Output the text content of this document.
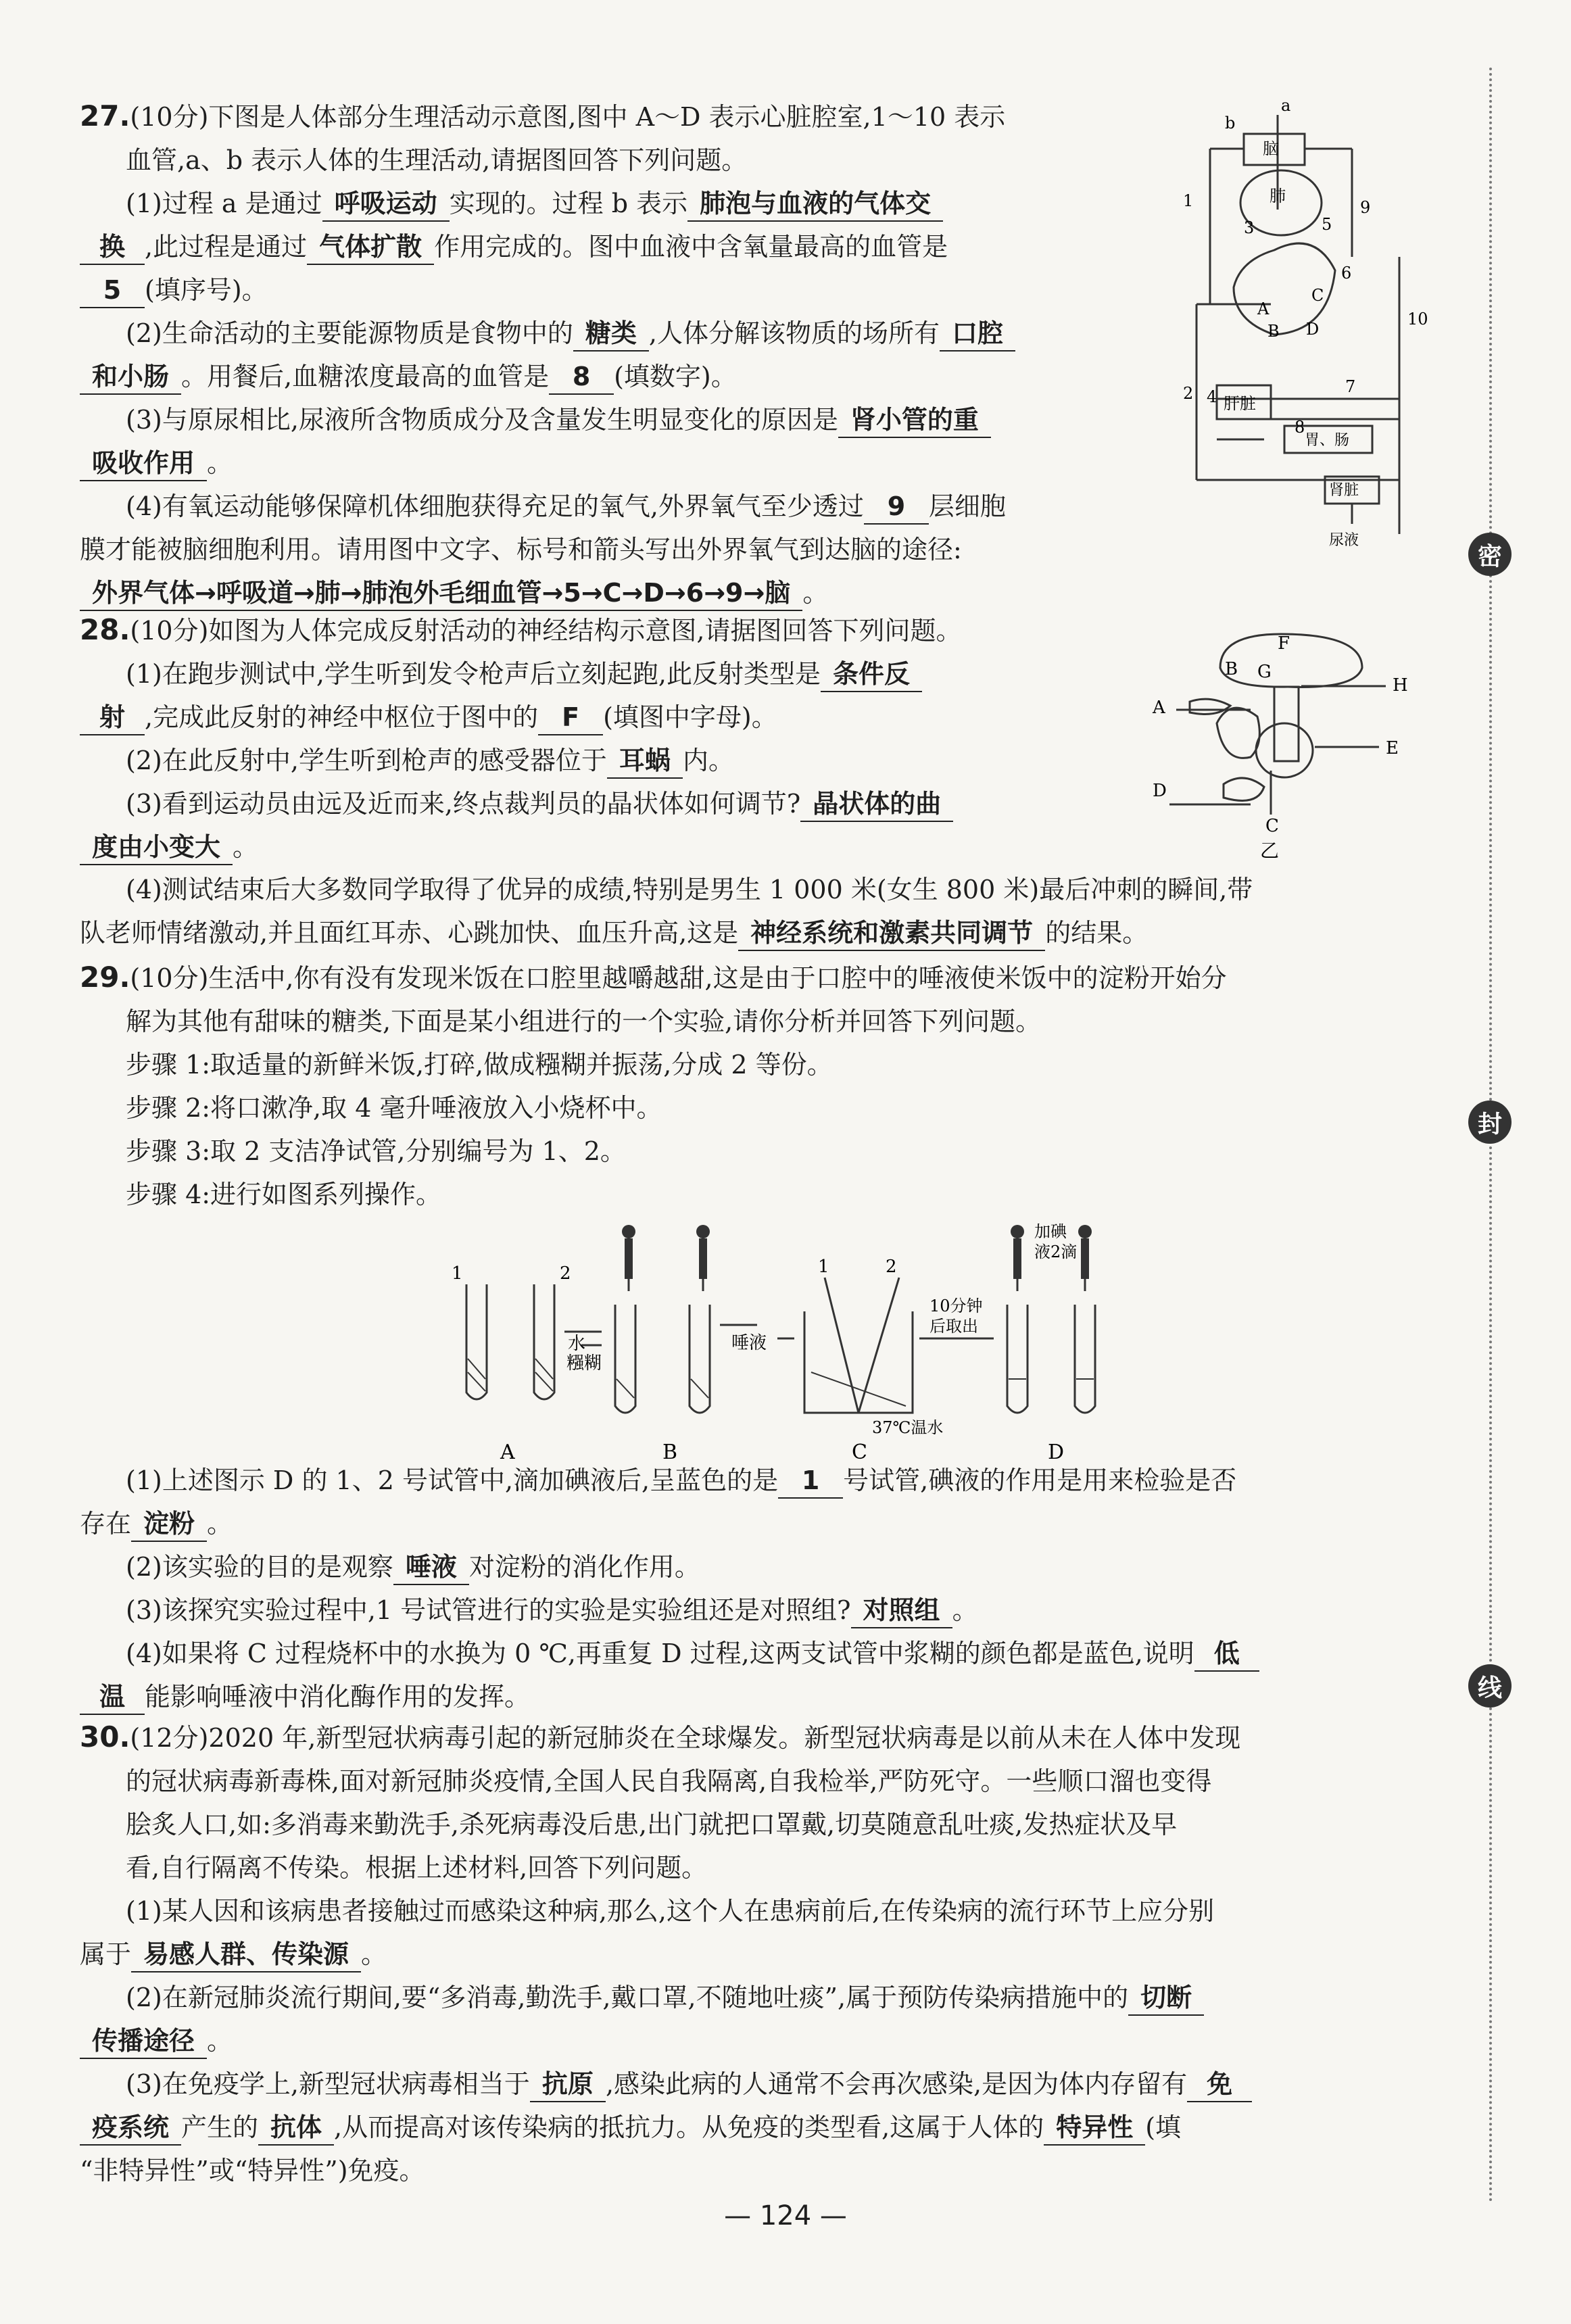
27.(10分)下图是人体部分生理活动示意图,图中 A～D 表示心脏腔室,1～10 表示

血管,a、b 表示人体的生理活动,请据图回答下列问题。

(1)过程 a 是通过 呼吸运动 实现的。过程 b 表示 肺泡与血液的气体交

换 ,此过程是通过 气体扩散 作用完成的。图中血液中含氧量最高的血管是

5 (填序号)。

(2)生命活动的主要能源物质是食物中的 糖类 ,人体分解该物质的场所有 口腔

和小肠 。用餐后,血糖浓度最高的血管是 8 (填数字)。

(3)与原尿相比,尿液所含物质成分及含量发生明显变化的原因是 肾小管的重

吸收作用 。

(4)有氧运动能够保障机体细胞获得充足的氧气,外界氧气至少透过 9 层细胞

膜才能被脑细胞利用。请用图中文字、标号和箭头写出外界氧气到达脑的途径:

外界气体→呼吸道→肺→肺泡外毛细血管→5→C→D→6→9→脑 。

a
b
脑
肺
肝脏
胃、肠
肾脏
尿液
1
2
3
4
5
6
7
8
9
10
A
B
C
D

28.(10分)如图为人体完成反射活动的神经结构示意图,请据图回答下列问题。

(1)在跑步测试中,学生听到发令枪声后立刻起跑,此反射类型是 条件反

射 ,完成此反射的神经中枢位于图中的 F (填图中字母)。

(2)在此反射中,学生听到枪声的感受器位于 耳蜗 内。

(3)看到运动员由远及近而来,终点裁判员的晶状体如何调节? 晶状体的曲

度由小变大 。

(4)测试结束后大多数同学取得了优异的成绩,特别是男生 1 000 米(女生 800 米)最后冲刺的瞬间,带

队老师情绪激动,并且面红耳赤、心跳加快、血压升高,这是 神经系统和激素共同调节 的结果。

F
B G
H
A
E
D
C
乙

29.(10分)生活中,你有没有发现米饭在口腔里越嚼越甜,这是由于口腔中的唾液使米饭中的淀粉开始分

解为其他有甜味的糖类,下面是某小组进行的一个实验,请你分析并回答下列问题。

步骤 1:取适量的新鲜米饭,打碎,做成糨糊并振荡,分成 2 等份。

步骤 2:将口漱净,取 4 毫升唾液放入小烧杯中。

步骤 3:取 2 支洁净试管,分别编号为 1、2。

步骤 4:进行如图系列操作。

1	2
糨糊
水	唾液
1	2
10分钟
后取出
37℃温水
加碘
液2滴
A	B	C	D

(1)上述图示 D 的 1、2 号试管中,滴加碘液后,呈蓝色的是 1 号试管,碘液的作用是用来检验是否

存在 淀粉 。

(2)该实验的目的是观察 唾液 对淀粉的消化作用。

(3)该探究实验过程中,1 号试管进行的实验是实验组还是对照组? 对照组 。

(4)如果将 C 过程烧杯中的水换为 0 ℃,再重复 D 过程,这两支试管中浆糊的颜色都是蓝色,说明 低

温 能影响唾液中消化酶作用的发挥。

30.(12分)2020 年,新型冠状病毒引起的新冠肺炎在全球爆发。新型冠状病毒是以前从未在人体中发现

的冠状病毒新毒株,面对新冠肺炎疫情,全国人民自我隔离,自我检举,严防死守。一些顺口溜也变得

脍炙人口,如:多消毒来勤洗手,杀死病毒没后患,出门就把口罩戴,切莫随意乱吐痰,发热症状及早

看,自行隔离不传染。根据上述材料,回答下列问题。

(1)某人因和该病患者接触过而感染这种病,那么,这个人在患病前后,在传染病的流行环节上应分别

属于 易感人群、传染源 。

(2)在新冠肺炎流行期间,要“多消毒,勤洗手,戴口罩,不随地吐痰”,属于预防传染病措施中的 切断

传播途径 。

(3)在免疫学上,新型冠状病毒相当于 抗原 ,感染此病的人通常不会再次感染,是因为体内存留有 免

疫系统 产生的 抗体 ,从而提高对该传染病的抵抗力。从免疫的类型看,这属于人体的 特异性 (填

“非特异性”或“特异性”)免疫。

密
封
线
— 124 —
